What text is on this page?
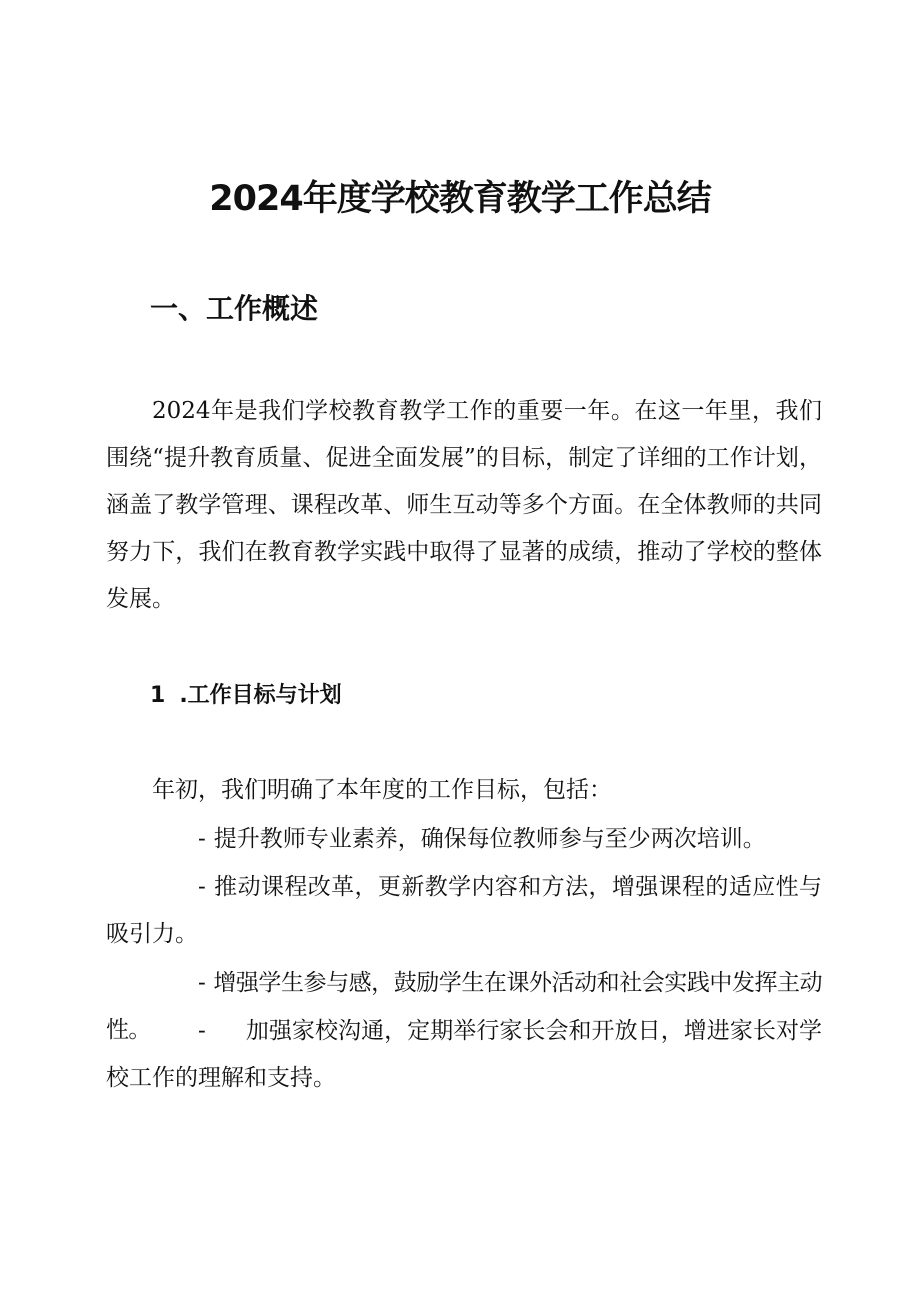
2024年度学校教育教学工作总结
一、工作概述

2024年是我们学校教育教学工作的重要一年。在这一年里，我们围绕“提升教育质量、促进全面发展”的目标，制定了详细的工作计划，涵盖了教学管理、课程改革、师生互动等多个方面。在全体教师的共同努力下，我们在教育教学实践中取得了显著的成绩，推动了学校的整体发展。

1 .工作目标与计划

年初，我们明确了本年度的工作目标，包括：

- 提升教师专业素养，确保每位教师参与至少两次培训。

- 推动课程改革，更新教学内容和方法，增强课程的适应性与吸引力。

- 增强学生参与感，鼓励学生在课外活动和社会实践中发挥主动性。	- 加强家校沟通，定期举行家长会和开放日，增进家长对学校工作的理解和支持。
